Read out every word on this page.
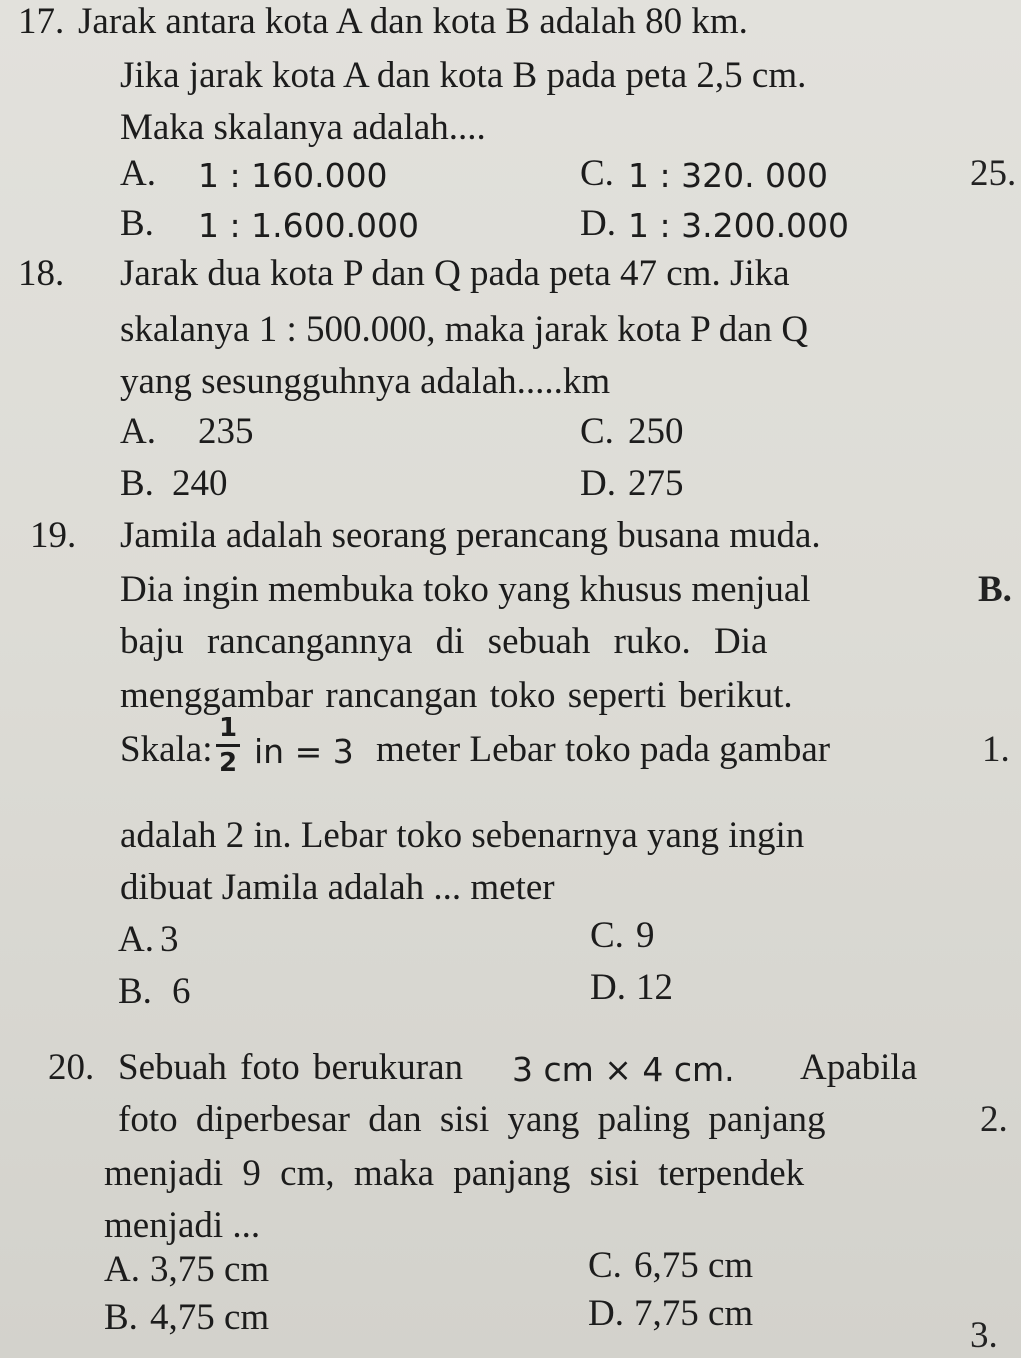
17. Jarak antara kota A dan kota B adalah 80 km.
Jika jarak kota A dan kota B pada peta 2,5 cm.
Maka skalanya adalah....
A. 1 : 160.000	C. 1 : 320. 000
B. 1 : 1.600.000	D. 1 : 3.200.000
18. Jarak dua kota P dan Q pada peta 47 cm. Jika
skalanya 1 : 500.000, maka jarak kota P dan Q
yang sesungguhnya adalah.....km
A. 235	C. 250
B. 240	D. 275
19. Jamila adalah seorang perancang busana muda.
Dia ingin membuka toko yang khusus menjual
baju rancangannya di sebuah ruko. Dia
menggambar rancangan toko seperti berikut.
Skala:
1
2 in = 3 meter Lebar toko pada gambar
adalah 2 in. Lebar toko sebenarnya yang ingin
dibuat Jamila adalah ... meter
A. 3	C. 9
B. 6	D. 12
20. Sebuah foto berukuran 3 cm × 4 cm. Apabila
foto diperbesar dan sisi yang paling panjang
menjadi 9 cm, maka panjang sisi terpendek
menjadi ...
A. 3,75 cm	C. 6,75 cm
B. 4,75 cm	D. 7,75 cm
25.
B.
1.
2.
3.
